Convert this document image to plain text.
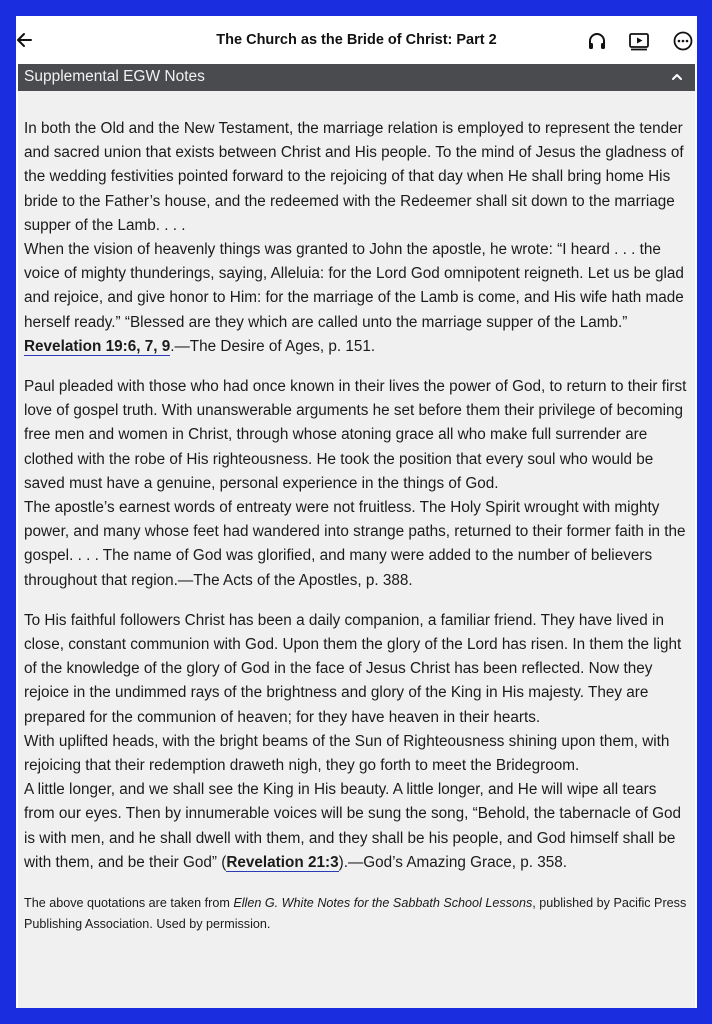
The Church as the Bride of Christ: Part 2
Supplemental EGW Notes

In both the Old and the New Testament, the marriage relation is employed to represent the tender and sacred union that exists between Christ and His people. To the mind of Jesus the gladness of the wedding festivities pointed forward to the rejoicing of that day when He shall bring home His bride to the Father’s house, and the redeemed with the Redeemer shall sit down to the marriage supper of the Lamb. . . .

When the vision of heavenly things was granted to John the apostle, he wrote: “I heard . . . the voice of mighty thunderings, saying, Alleluia: for the Lord God omnipotent reigneth. Let us be glad and rejoice, and give honor to Him: for the marriage of the Lamb is come, and His wife hath made herself ready.” “Blessed are they which are called unto the marriage supper of the Lamb.” Revelation 19:6, 7, 9.—The Desire of Ages, p. 151.

Paul pleaded with those who had once known in their lives the power of God, to return to their first love of gospel truth. With unanswerable arguments he set before them their privilege of becoming free men and women in Christ, through whose atoning grace all who make full surrender are clothed with the robe of His righteousness. He took the position that every soul who would be saved must have a genuine, personal experience in the things of God.

The apostle’s earnest words of entreaty were not fruitless. The Holy Spirit wrought with mighty power, and many whose feet had wandered into strange paths, returned to their former faith in the gospel. . . . The name of God was glorified, and many were added to the number of believers throughout that region.—The Acts of the Apostles, p. 388.

To His faithful followers Christ has been a daily companion, a familiar friend. They have lived in close, constant communion with God. Upon them the glory of the Lord has risen. In them the light of the knowledge of the glory of God in the face of Jesus Christ has been reflected. Now they rejoice in the undimmed rays of the brightness and glory of the King in His majesty. They are prepared for the communion of heaven; for they have heaven in their hearts.

With uplifted heads, with the bright beams of the Sun of Righteousness shining upon them, with rejoicing that their redemption draweth nigh, they go forth to meet the Bridegroom.

A little longer, and we shall see the King in His beauty. A little longer, and He will wipe all tears from our eyes. Then by innumerable voices will be sung the song, “Behold, the tabernacle of God is with men, and he shall dwell with them, and they shall be his people, and God himself shall be with them, and be their God” (Revelation 21:3).—God’s Amazing Grace, p. 358.

The above quotations are taken from Ellen G. White Notes for the Sabbath School Lessons, published by Pacific Press Publishing Association. Used by permission.
